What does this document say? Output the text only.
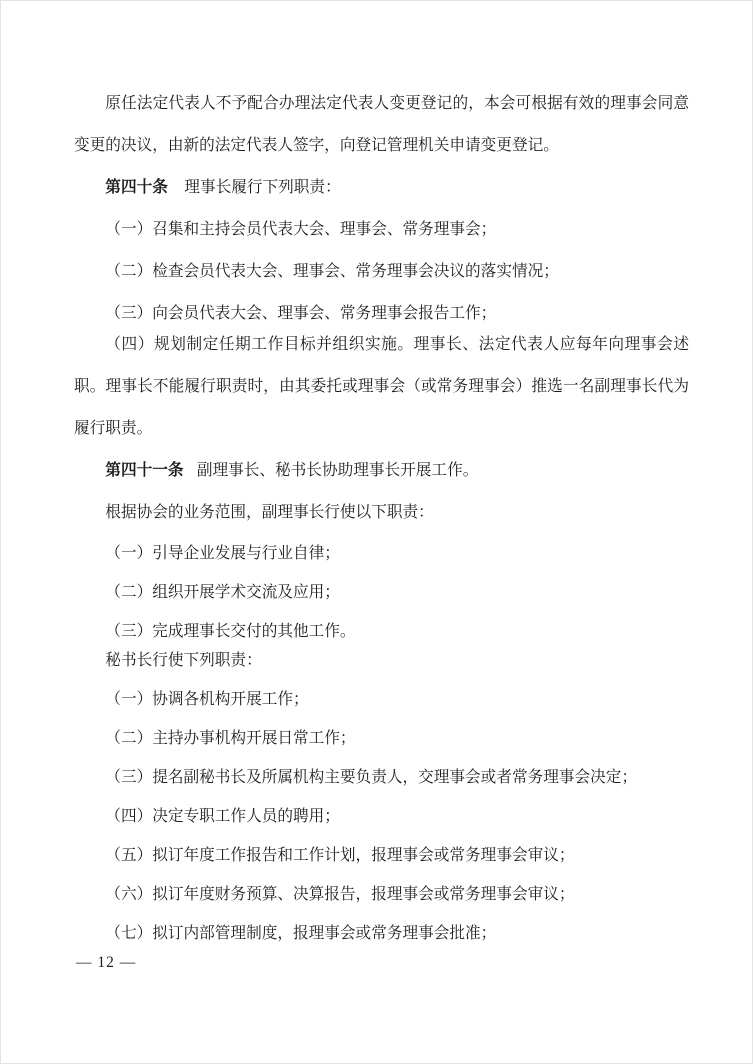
原任法定代表人不予配合办理法定代表人变更登记的，本会可根据有效的理事会同意变更的决议，由新的法定代表人签字，向登记管理机关申请变更登记。

第四十条 理事长履行下列职责：

（一）召集和主持会员代表大会、理事会、常务理事会；

（二）检查会员代表大会、理事会、常务理事会决议的落实情况；

（三）向会员代表大会、理事会、常务理事会报告工作；

（四）规划制定任期工作目标并组织实施。理事长、法定代表人应每年向理事会述职。理事长不能履行职责时，由其委托或理事会（或常务理事会）推选一名副理事长代为履行职责。

第四十一条 副理事长、秘书长协助理事长开展工作。

根据协会的业务范围，副理事长行使以下职责：

（一）引导企业发展与行业自律；

（二）组织开展学术交流及应用；

（三）完成理事长交付的其他工作。

秘书长行使下列职责：

（一）协调各机构开展工作；

（二）主持办事机构开展日常工作；

（三）提名副秘书长及所属机构主要负责人，交理事会或者常务理事会决定；

（四）决定专职工作人员的聘用；

（五）拟订年度工作报告和工作计划，报理事会或常务理事会审议；

（六）拟订年度财务预算、决算报告，报理事会或常务理事会审议；

（七）拟订内部管理制度，报理事会或常务理事会批准；

— 12 —
